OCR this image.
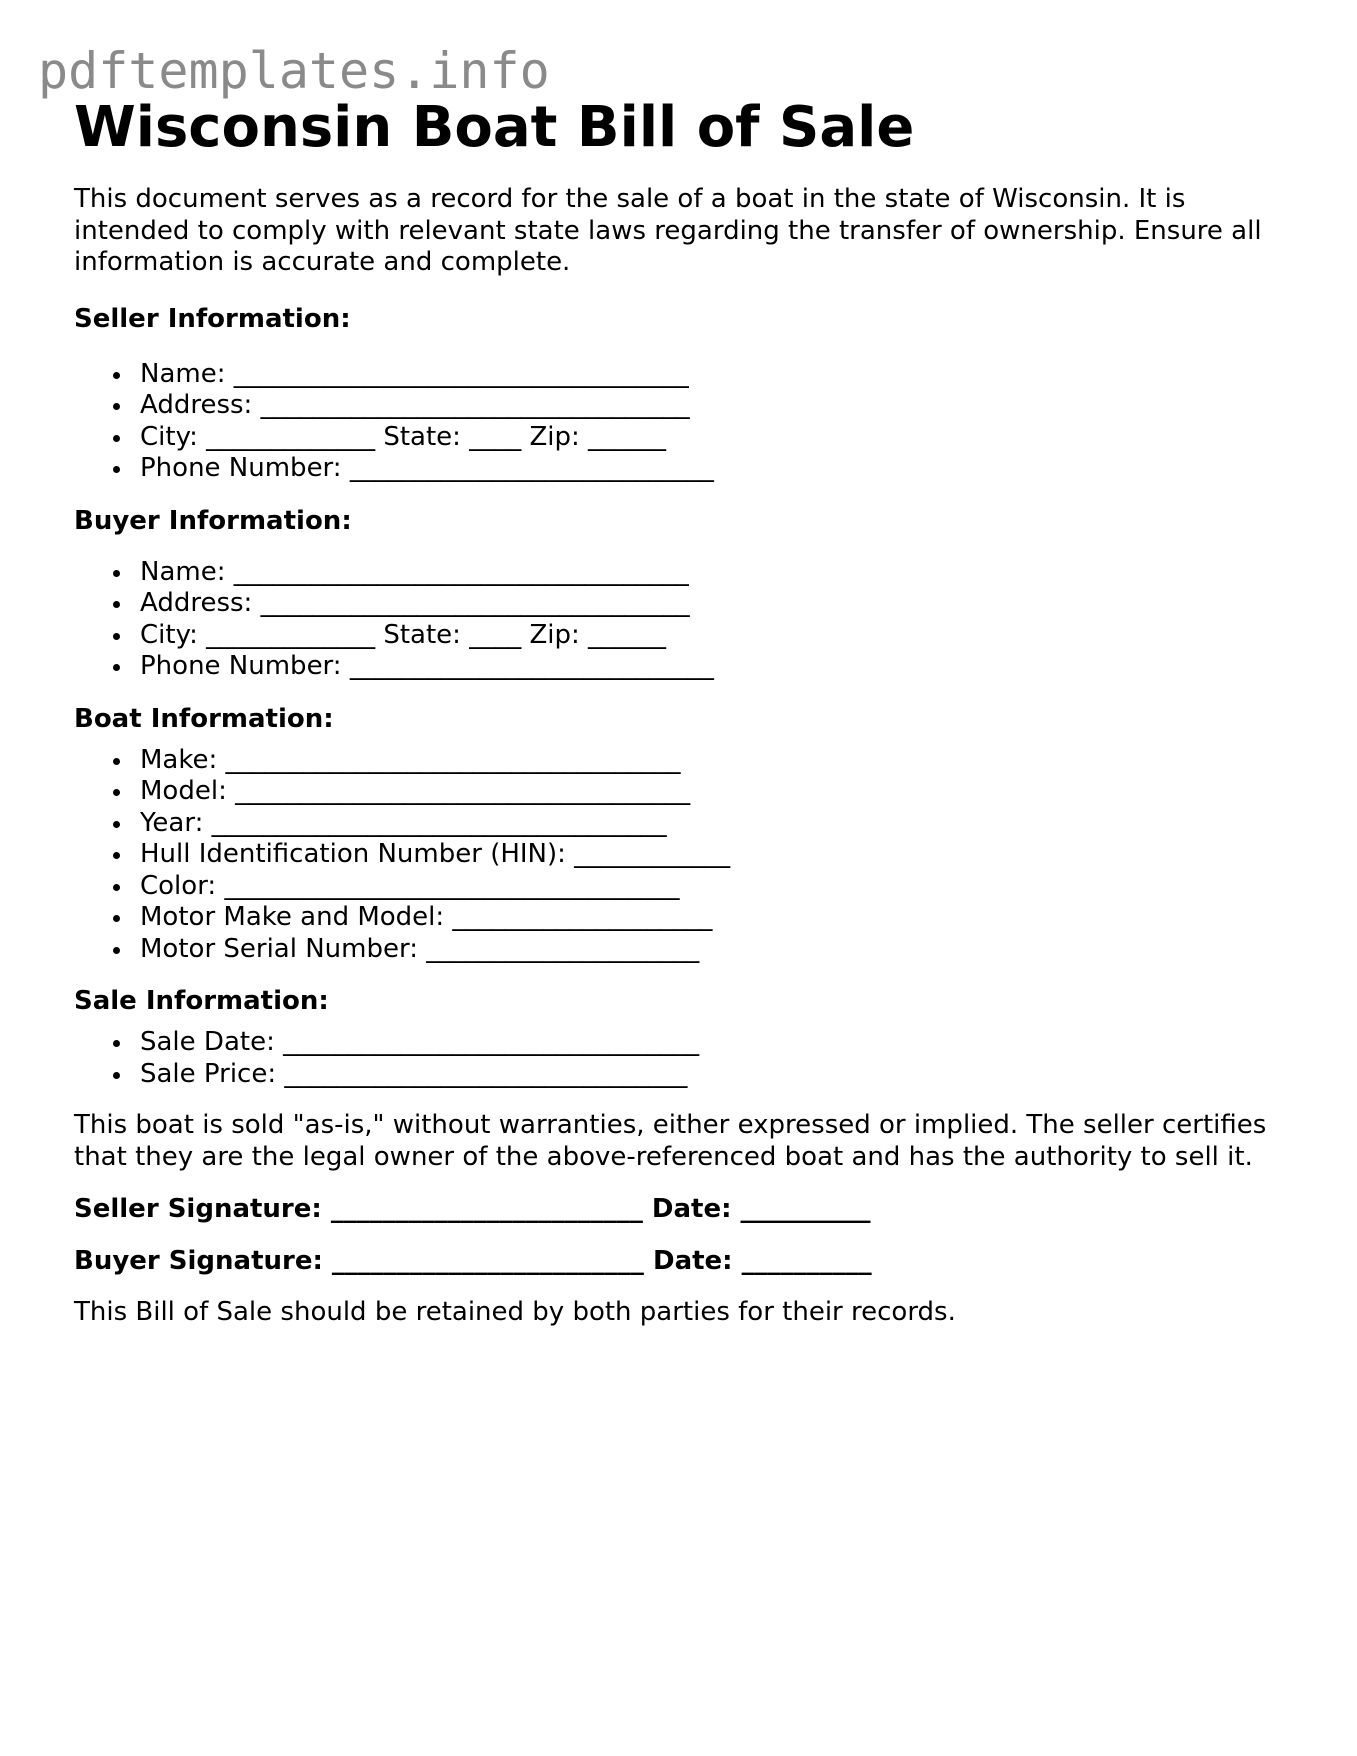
pdftemplates.info
Wisconsin Boat Bill of Sale

This document serves as a record for the sale of a boat in the state of Wisconsin. It is intended to comply with relevant state laws regarding the transfer of ownership. Ensure all information is accurate and complete.

Seller Information:
Name: ___________________________________
Address: _________________________________
City: _____________ State: ____ Zip: ______
Phone Number: ____________________________
Buyer Information:
Name: ___________________________________
Address: _________________________________
City: _____________ State: ____ Zip: ______
Phone Number: ____________________________
Boat Information:
Make: ___________________________________
Model: ___________________________________
Year: ___________________________________
Hull Identification Number (HIN): ____________
Color: ___________________________________
Motor Make and Model: ____________________
Motor Serial Number: _____________________
Sale Information:
Sale Date: ________________________________
Sale Price: _______________________________

This boat is sold "as-is," without warranties, either expressed or implied. The seller certifies that they are the legal owner of the above-referenced boat and has the authority to sell it.

Seller Signature: ________________________ Date: __________

Buyer Signature: ________________________ Date: __________

This Bill of Sale should be retained by both parties for their records.
